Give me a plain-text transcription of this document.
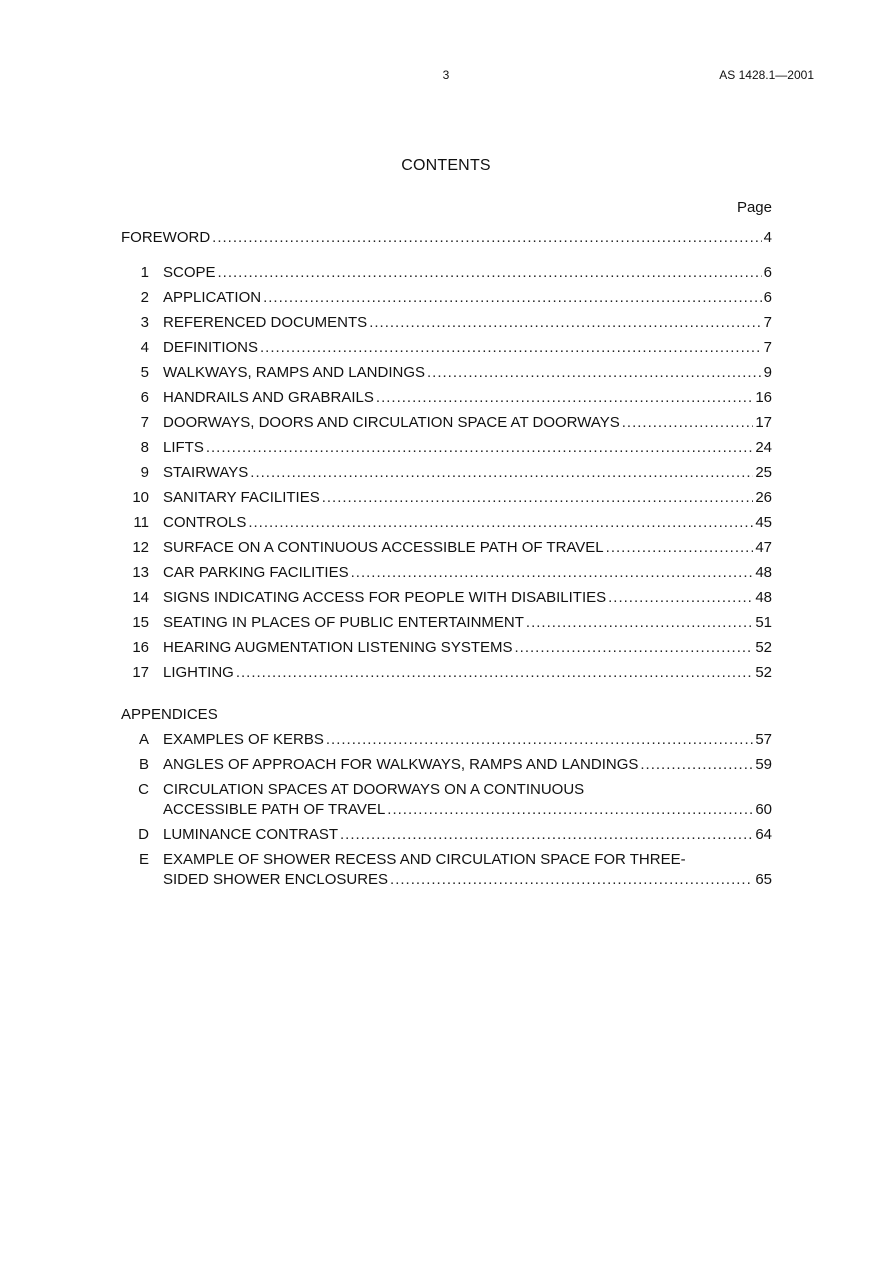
3	AS 1428.1—2001
CONTENTS
Page
FOREWORD .....	4
1 SCOPE .....	6
2 APPLICATION .....	6
3 REFERENCED DOCUMENTS .....	7
4 DEFINITIONS .....	7
5 WALKWAYS, RAMPS AND LANDINGS .....	9
6 HANDRAILS AND GRABRAILS .....	16
7 DOORWAYS, DOORS AND CIRCULATION SPACE AT DOORWAYS .....	17
8 LIFTS .....	24
9 STAIRWAYS .....	25
10 SANITARY FACILITIES .....	26
11 CONTROLS .....	45
12 SURFACE ON A CONTINUOUS ACCESSIBLE PATH OF TRAVEL .....	47
13 CAR PARKING FACILITIES .....	48
14 SIGNS INDICATING ACCESS FOR PEOPLE WITH DISABILITIES .....	48
15 SEATING IN PLACES OF PUBLIC ENTERTAINMENT .....	51
16 HEARING AUGMENTATION LISTENING SYSTEMS .....	52
17 LIGHTING .....	52
APPENDICES
A EXAMPLES OF KERBS .....	57
B ANGLES OF APPROACH FOR WALKWAYS, RAMPS AND LANDINGS .....	59
C CIRCULATION SPACES AT DOORWAYS ON A CONTINUOUS
ACCESSIBLE PATH OF TRAVEL .....	60
D LUMINANCE CONTRAST .....	64
E EXAMPLE OF SHOWER RECESS AND CIRCULATION SPACE FOR THREE-
SIDED SHOWER ENCLOSURES .....	65
